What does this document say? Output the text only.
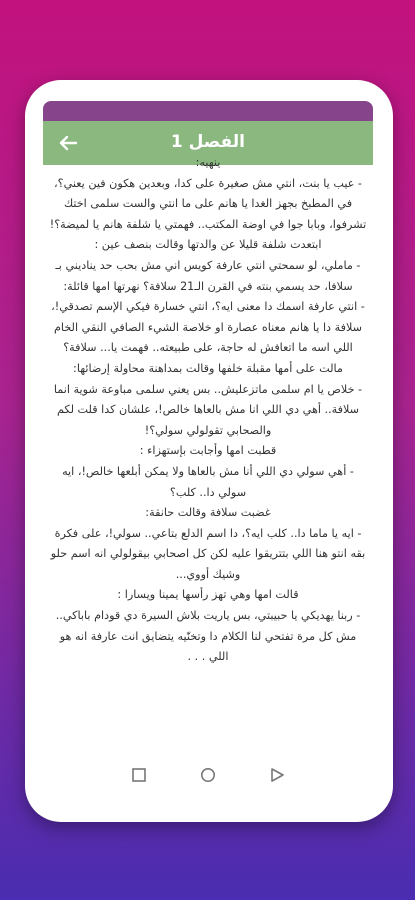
الفصل 1

ينهيه:

- عيب يا بنت، انتي مش صغيرة على كدا، وبعدين هكون فين يعني؟، في المطبخ بجهز الغدا يا هانم على ما انتي والست سلمى اختك تشرفوا، وبابا جوا في اوضة المكتب.. فهمتي يا شلفة هانم يا لميضة؟!

ابتعدت شلفة قليلا عن والدتها وقالت بنصف عين :

- ماملي، لو سمحتي انتي عارفة كويس اني مش بحب حد يناديني بـ سلافا، حد يسمي بنته في القرن الـ21 سلافة؟ نهرتها امها قائلة:

- انتي عارفة اسمك دا معنى ايه؟، انتي خسارة فيكي الإسم تصدقي!، سلافة دا يا هانم معناه عصارة او خلاصة الشيء الصافي النقي الخام اللي اسه ما اتعافش له حاجة، على طبيعته.. فهمت يا... سلافة؟

مالت على أمها مقبلة خلفها وقالت بمداهنة محاولة إرضائها:

- خلاص يا ام سلمى ماتزعليش.. بس يعني سلمى مباوعة شوية انما سلافة.. أهي دي اللي انا مش بالعاها خالص!، علشان كدا قلت لكم والصحابي تقولولي سولي؟!

قطبت امها وأجابت بإستهزاء :

- أهي سولي دي اللي أنا مش بالعاها ولا يمكن أبلعها خالص!، ايه سولي دا.. كلب؟

غضبت سلافة وقالت حانقة:

- ايه يا ماما دا.. كلب ايه؟، دا اسم الدلع بتاعي.. سولي!، على فكرة بقه انتو هنا اللي بتتريقوا عليه لكن كل اصحابي بيقولولي انه اسم حلو وشيك أووي...

قالت امها وهي تهز رأسها يمينا ويسارا :

- ربنا يهديكي يا حبيبتي، بس ياريت بلاش السيرة دي قودام باباكي.. مش كل مرة تفتحي لنا الكلام دا وتخنّيه يتضايق انت عارفة انه هو اللي . . .
